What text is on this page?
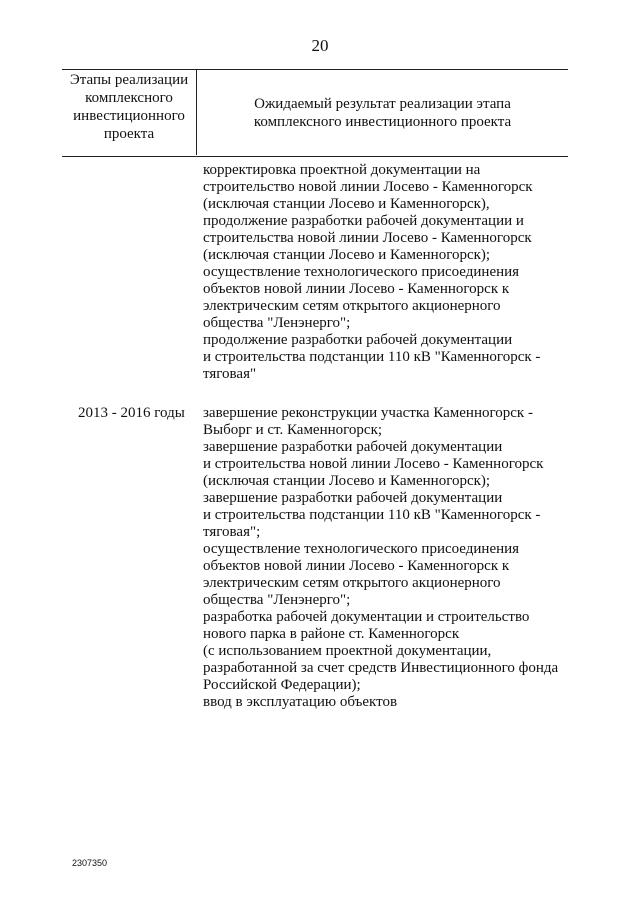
20
Этапы реализации
комплексного
инвестиционного
проекта
Ожидаемый результат реализации этапа
комплексного инвестиционного проекта
корректировка проектной документации на
строительство новой линии Лосево - Каменногорск
(исключая станции Лосево и Каменногорск),
продолжение разработки рабочей документации и
строительства новой линии Лосево - Каменногорск
(исключая станции Лосево и Каменногорск);
осуществление технологического присоединения
объектов новой линии Лосево - Каменногорск к
электрическим сетям открытого акционерного
общества "Ленэнерго";
продолжение разработки рабочей документации
и строительства подстанции 110 кВ "Каменногорск -
тяговая"
2013 - 2016 годы завершение реконструкции участка Каменногорск -
Выборг и ст. Каменногорск;
завершение разработки рабочей документации
и строительства новой линии Лосево - Каменногорск
(исключая станции Лосево и Каменногорск);
завершение разработки рабочей документации
и строительства подстанции 110 кВ "Каменногорск -
тяговая";
осуществление технологического присоединения
объектов новой линии Лосево - Каменногорск к
электрическим сетям открытого акционерного
общества "Ленэнерго";
разработка рабочей документации и строительство
нового парка в районе ст. Каменногорск
(с использованием проектной документации,
разработанной за счет средств Инвестиционного фонда
Российской Федерации);
ввод в эксплуатацию объектов
2307350
